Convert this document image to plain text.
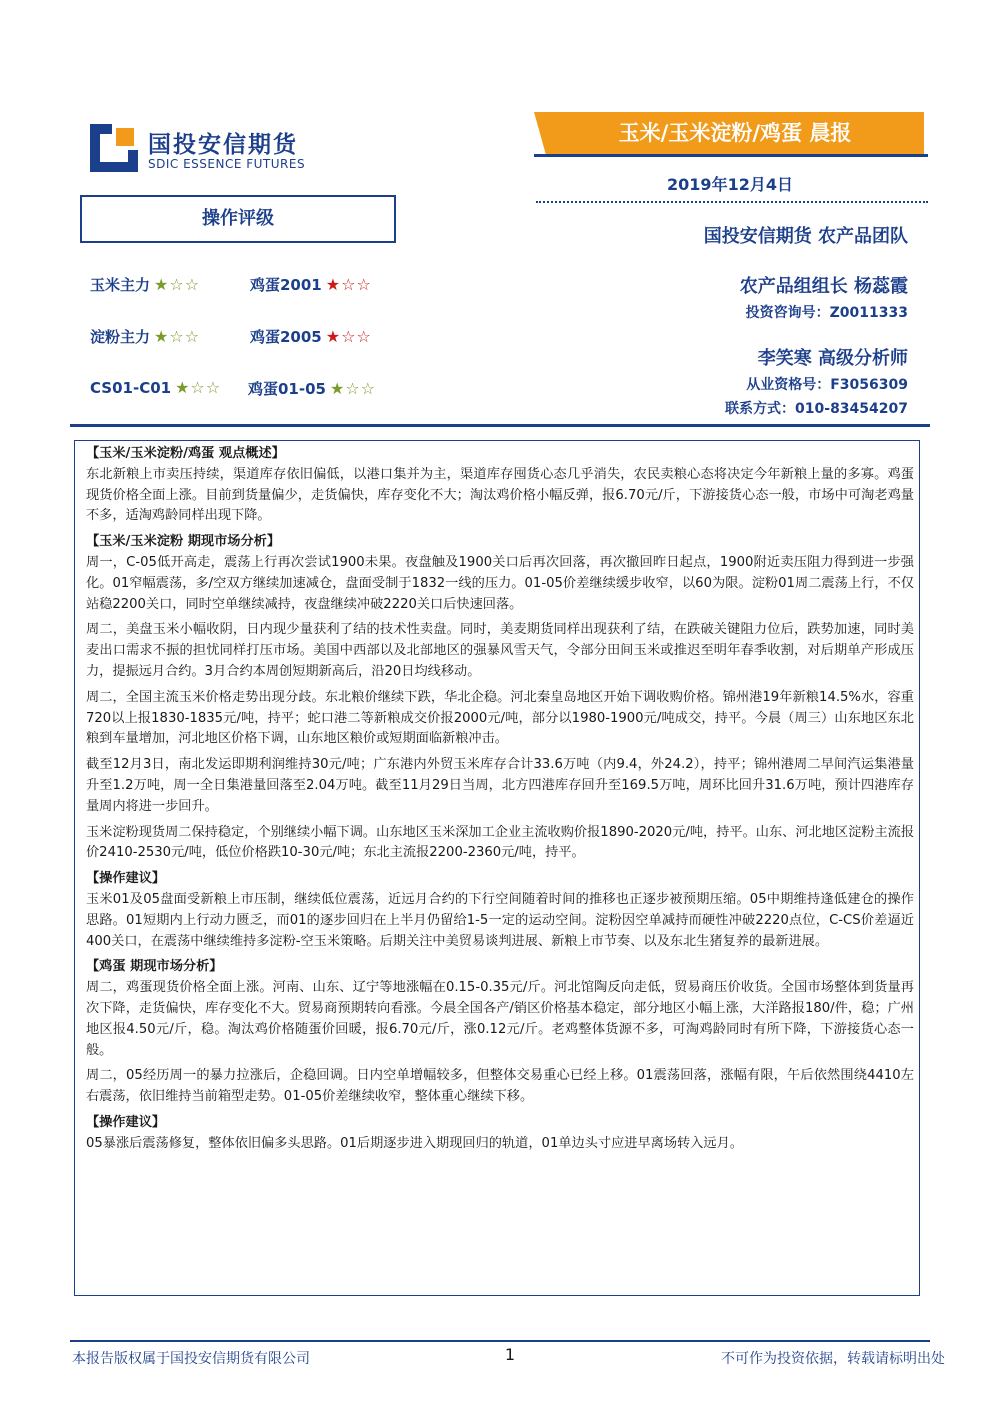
国投安信期货
SDIC ESSENCE FUTURES
玉米/玉米淀粉/鸡蛋 晨报
2019年12月4日
国投安信期货 农产品团队
农产品组组长 杨蕊霞
投资咨询号：Z0011333
李笑寒 高级分析师
从业资格号：F3056309
联系方式：010-83454207
操作评级
玉米主力 ★☆☆	鸡蛋2001 ★☆☆
淀粉主力 ★☆☆	鸡蛋2005 ★☆☆
CS01-C01 ★☆☆ 鸡蛋01-05 ★☆☆

【玉米/玉米淀粉/鸡蛋 观点概述】

东北新粮上市卖压持续，渠道库存依旧偏低，以港口集并为主，渠道库存囤货心态几乎消失，农民卖粮心态将决定今年新粮上量的多寡。鸡蛋现货价格全面上涨。目前到货量偏少，走货偏快，库存变化不大；淘汰鸡价格小幅反弹，报6.70元/斤，下游接货心态一般，市场中可淘老鸡量不多，适淘鸡龄同样出现下降。

【玉米/玉米淀粉 期现市场分析】

周一，C-05低开高走，震荡上行再次尝试1900未果。夜盘触及1900关口后再次回落，再次撤回昨日起点，1900附近卖压阻力得到进一步强化。01窄幅震荡，多/空双方继续加速减仓，盘面受制于1832一线的压力。01-05价差继续缓步收窄，以60为限。淀粉01周二震荡上行，不仅站稳2200关口，同时空单继续减持，夜盘继续冲破2220关口后快速回落。

周二，美盘玉米小幅收阴，日内现少量获利了结的技术性卖盘。同时，美麦期货同样出现获利了结，在跌破关键阻力位后，跌势加速，同时美麦出口需求不振的担忧同样打压市场。美国中西部以及北部地区的强暴风雪天气，令部分田间玉米或推迟至明年春季收割，对后期单产形成压力，提振远月合约。3月合约本周创短期新高后，沿20日均线移动。

周二，全国主流玉米价格走势出现分歧。东北粮价继续下跌，华北企稳。河北秦皇岛地区开始下调收购价格。锦州港19年新粮14.5%水，容重720以上报1830-1835元/吨，持平；蛇口港二等新粮成交价报2000元/吨，部分以1980-1900元/吨成交，持平。今晨（周三）山东地区东北粮到车量增加，河北地区价格下调，山东地区粮价或短期面临新粮冲击。

截至12月3日，南北发运即期利润维持30元/吨；广东港内外贸玉米库存合计33.6万吨（内9.4，外24.2），持平；锦州港周二早间汽运集港量升至1.2万吨，周一全日集港量回落至2.04万吨。截至11月29日当周，北方四港库存回升至169.5万吨，周环比回升31.6万吨，预计四港库存量周内将进一步回升。

玉米淀粉现货周二保持稳定，个别继续小幅下调。山东地区玉米深加工企业主流收购价报1890-2020元/吨，持平。山东、河北地区淀粉主流报价2410-2530元/吨，低位价格跌10-30元/吨；东北主流报2200-2360元/吨，持平。

【操作建议】

玉米01及05盘面受新粮上市压制，继续低位震荡，近远月合约的下行空间随着时间的推移也正逐步被预期压缩。05中期维持逢低建仓的操作思路。01短期内上行动力匮乏，而01的逐步回归在上半月仍留给1-5一定的运动空间。淀粉因空单减持而硬性冲破2220点位，C-CS价差逼近400关口，在震荡中继续维持多淀粉-空玉米策略。后期关注中美贸易谈判进展、新粮上市节奏、以及东北生猪复养的最新进展。

【鸡蛋 期现市场分析】

周二，鸡蛋现货价格全面上涨。河南、山东、辽宁等地涨幅在0.15-0.35元/斤。河北馆陶反向走低，贸易商压价收货。全国市场整体到货量再次下降，走货偏快，库存变化不大。贸易商预期转向看涨。今晨全国各产/销区价格基本稳定，部分地区小幅上涨，大洋路报180/件，稳；广州地区报4.50元/斤，稳。淘汰鸡价格随蛋价回暖，报6.70元/斤，涨0.12元/斤。老鸡整体货源不多，可淘鸡龄同时有所下降，下游接货心态一般。

周二，05经历周一的暴力拉涨后，企稳回调。日内空单增幅较多，但整体交易重心已经上移。01震荡回落，涨幅有限，午后依然围绕4410左右震荡，依旧维持当前箱型走势。01-05价差继续收窄，整体重心继续下移。

【操作建议】

05暴涨后震荡修复，整体依旧偏多头思路。01后期逐步进入期现回归的轨道，01单边头寸应进早离场转入远月。

本报告版权属于国投安信期货有限公司	1	不可作为投资依据，转载请标明出处
